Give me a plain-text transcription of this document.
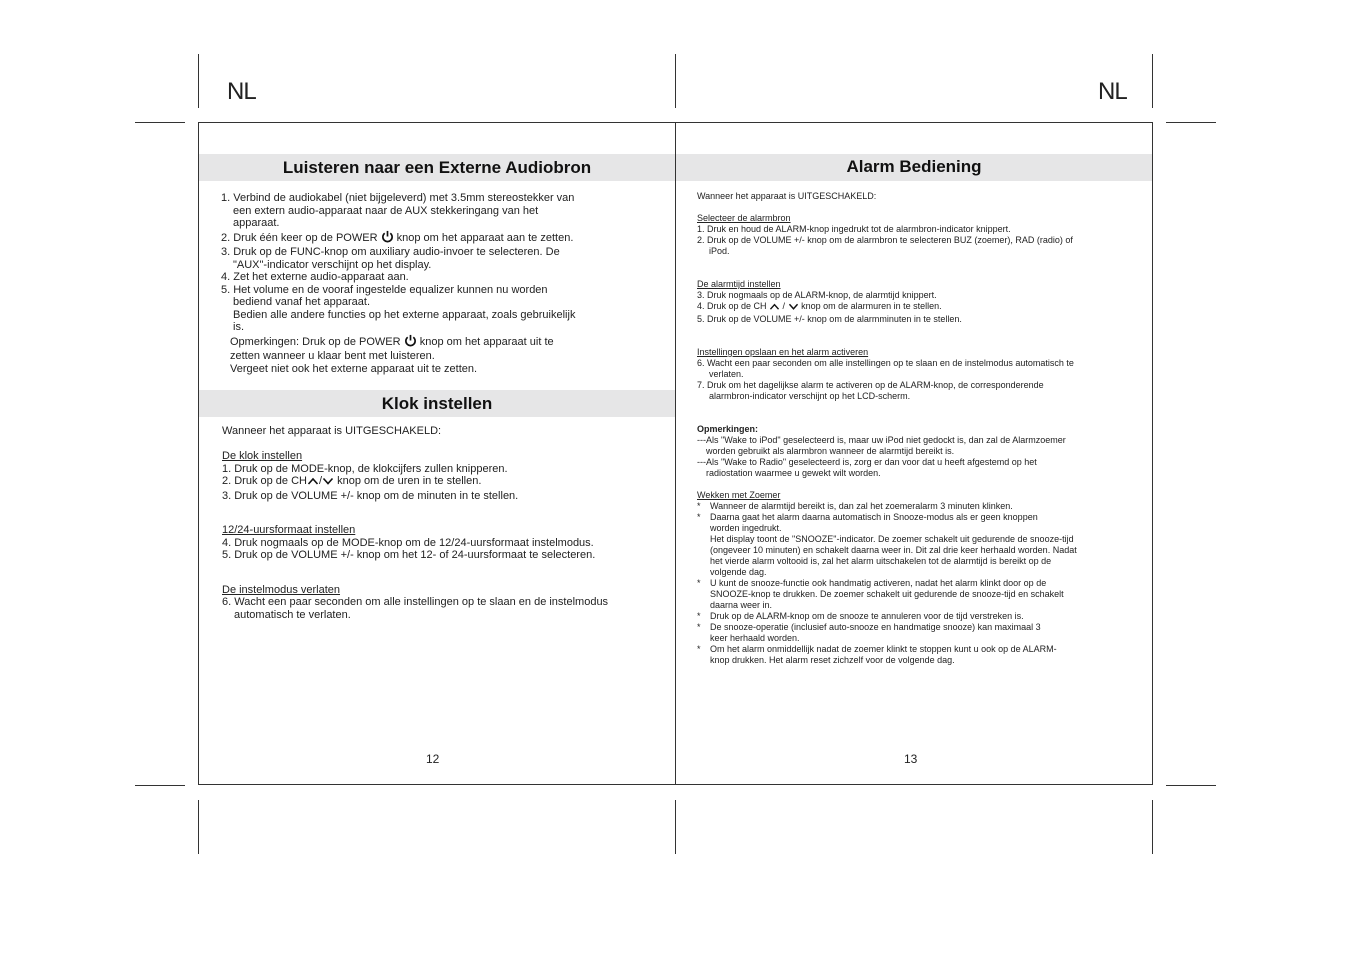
NL	NL
Luisteren naar een Externe Audiobron

1. Verbind de audiokabel (niet bijgeleverd) met 3.5mm stereostekker van

een extern audio-apparaat naar de AUX stekkeringang van het

apparaat.

2. Druk één keer op de POWER knop om het apparaat aan te zetten.

3. Druk op de FUNC-knop om auxiliary audio-invoer te selecteren. De

"AUX"-indicator verschijnt op het display.

4. Zet het externe audio-apparaat aan.

5. Het volume en de vooraf ingestelde equalizer kunnen nu worden

bediend vanaf het apparaat.

Bedien alle andere functies op het externe apparaat, zoals gebruikelijk

is.

Opmerkingen: Druk op de POWER knop om het apparaat uit te

zetten wanneer u klaar bent met luisteren.

Vergeet niet ook het externe apparaat uit te zetten.

Klok instellen

Wanneer het apparaat is UITGESCHAKELD:

De klok instellen

1. Druk op de MODE-knop, de klokcijfers zullen knipperen.

2. Druk op de CH / knop om de uren in te stellen.

3. Druk op de VOLUME +/- knop om de minuten in te stellen.

12/24-uursformaat instellen

4. Druk nogmaals op de MODE-knop om de 12/24-uursformaat instelmodus.

5. Druk op de VOLUME +/- knop om het 12- of 24-uursformaat te selecteren.

De instelmodus verlaten

6. Wacht een paar seconden om alle instellingen op te slaan en de instelmodus

automatisch te verlaten.

12
Alarm Bediening

Wanneer het apparaat is UITGESCHAKELD:

Selecteer de alarmbron

1. Druk en houd de ALARM-knop ingedrukt tot de alarmbron-indicator knippert.

2. Druk op de VOLUME +/- knop om de alarmbron te selecteren BUZ (zoemer), RAD (radio) of

iPod.

De alarmtijd instellen

3. Druk nogmaals op de ALARM-knop, de alarmtijd knippert.

4. Druk op de CH  /  knop om de alarmuren in te stellen.

5. Druk op de VOLUME +/- knop om de alarmminuten in te stellen.

Instellingen opslaan en het alarm activeren

6. Wacht een paar seconden om alle instellingen op te slaan en de instelmodus automatisch te

verlaten.

7. Druk om het dagelijkse alarm te activeren op de ALARM-knop, de corresponderende

alarmbron-indicator verschijnt op het LCD-scherm.

Opmerkingen:

---Als "Wake to iPod" geselecteerd is, maar uw iPod niet gedockt is, dan zal de Alarmzoemer

worden gebruikt als alarmbron wanneer de alarmtijd bereikt is.

---Als "Wake to Radio" geselecteerd is, zorg er dan voor dat u heeft afgestemd op het

radiostation waarmee u gewekt wilt worden.

Wekken met Zoemer

* Wanneer de alarmtijd bereikt is, dan zal het zoemeralarm 3 minuten klinken.

* Daarna gaat het alarm daarna automatisch in Snooze-modus als er geen knoppen

worden ingedrukt.

Het display toont de "SNOOZE"-indicator. De zoemer schakelt uit gedurende de snooze-tijd

(ongeveer 10 minuten) en schakelt daarna weer in. Dit zal drie keer herhaald worden. Nadat

het vierde alarm voltooid is, zal het alarm uitschakelen tot de alarmtijd is bereikt op de

volgende dag.

* U kunt de snooze-functie ook handmatig activeren, nadat het alarm klinkt door op de

SNOOZE-knop te drukken. De zoemer schakelt uit gedurende de snooze-tijd en schakelt

daarna weer in.

* Druk op de ALARM-knop om de snooze te annuleren voor de tijd verstreken is.

* De snooze-operatie (inclusief auto-snooze en handmatige snooze) kan maximaal 3

keer herhaald worden.

* Om het alarm onmiddellijk nadat de zoemer klinkt te stoppen kunt u ook op de ALARM-

knop drukken. Het alarm reset zichzelf voor de volgende dag.

13
